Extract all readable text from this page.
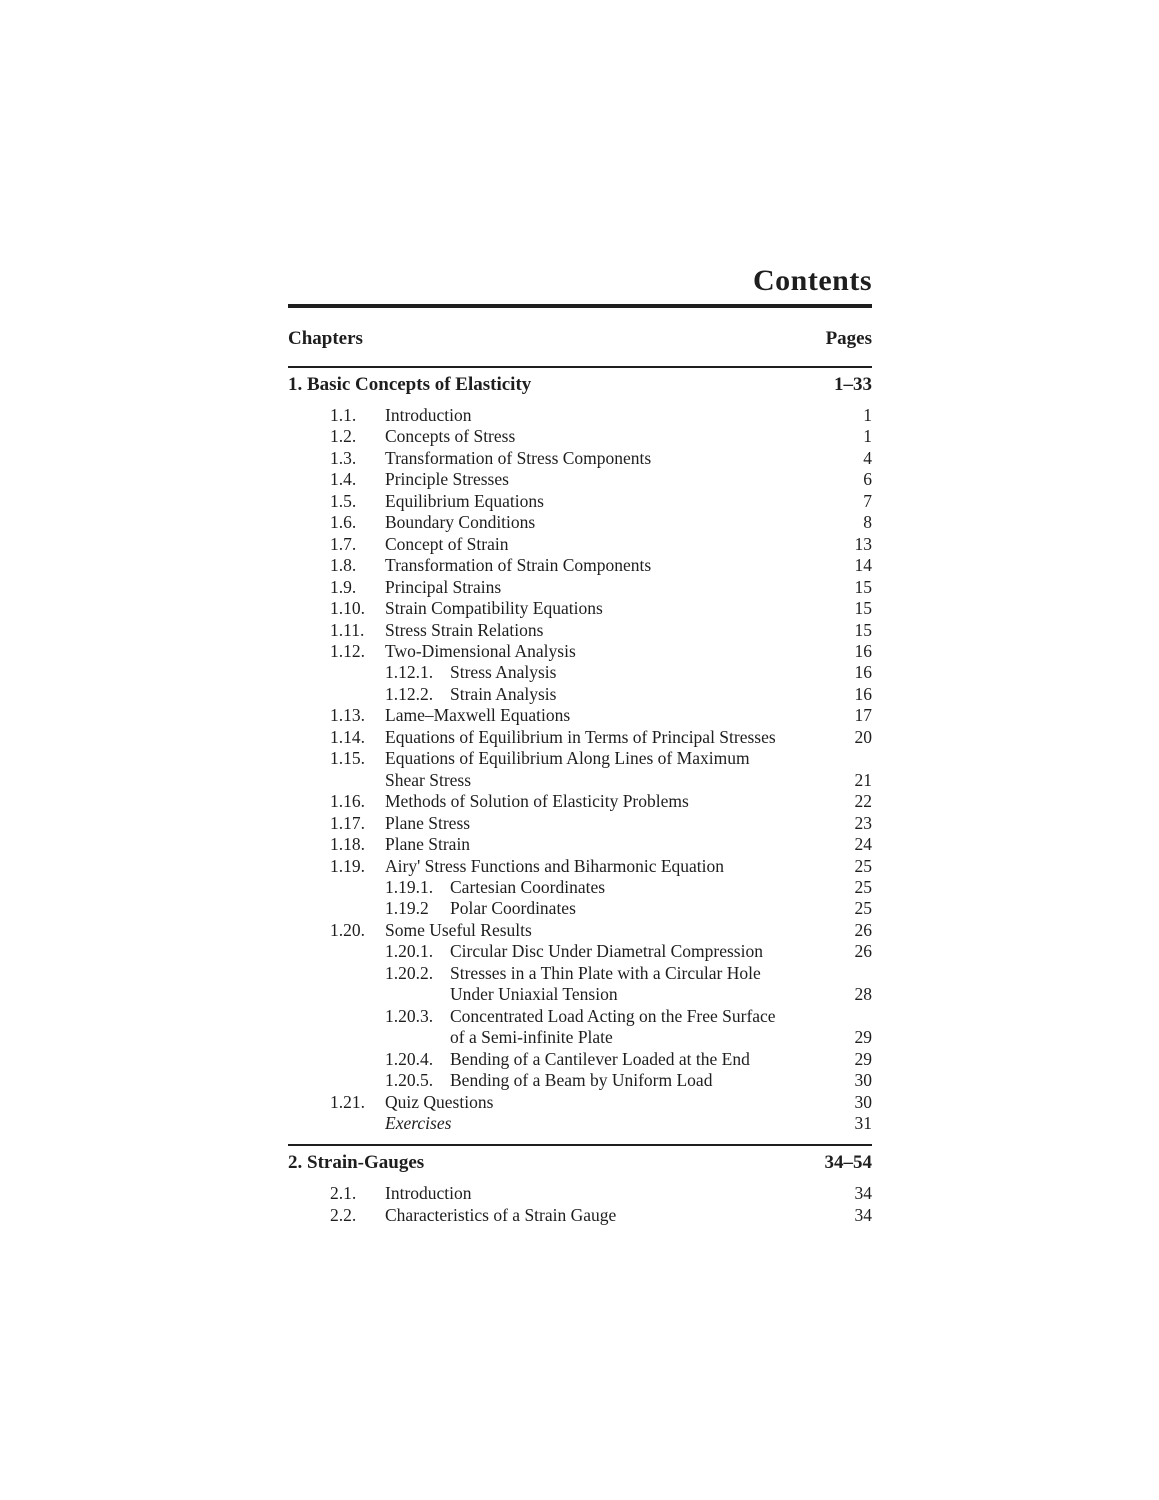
Contents
Chapters	Pages
1. Basic Concepts of Elasticity	1–33
1.1.	Introduction	1
1.2.	Concepts of Stress	1
1.3.	Transformation of Stress Components	4
1.4.	Principle Stresses	6
1.5.	Equilibrium Equations	7
1.6.	Boundary Conditions	8
1.7.	Concept of Strain	13
1.8.	Transformation of Strain Components	14
1.9.	Principal Strains	15
1.10.	Strain Compatibility Equations	15
1.11.	Stress Strain Relations	15
1.12.	Two-Dimensional Analysis	16
1.12.1. Stress Analysis	16
1.12.2. Strain Analysis	16
1.13.	Lame–Maxwell Equations	17
1.14.	Equations of Equilibrium in Terms of Principal Stresses	20
1.15.	Equations of Equilibrium Along Lines of Maximum
Shear Stress	21
1.16.	Methods of Solution of Elasticity Problems	22
1.17.	Plane Stress	23
1.18.	Plane Strain	24
1.19.	Airy' Stress Functions and Biharmonic Equation	25
1.19.1. Cartesian Coordinates	25
1.19.2	Polar Coordinates	25
1.20.	Some Useful Results	26
1.20.1. Circular Disc Under Diametral Compression	26
1.20.2. Stresses in a Thin Plate with a Circular Hole
Under Uniaxial Tension	28
1.20.3. Concentrated Load Acting on the Free Surface
of a Semi-infinite Plate	29
1.20.4. Bending of a Cantilever Loaded at the End	29
1.20.5. Bending of a Beam by Uniform Load	30
1.21.	Quiz Questions	30
Exercises	31
2. Strain-Gauges	34–54
2.1.	Introduction	34
2.2.	Characteristics of a Strain Gauge	34
